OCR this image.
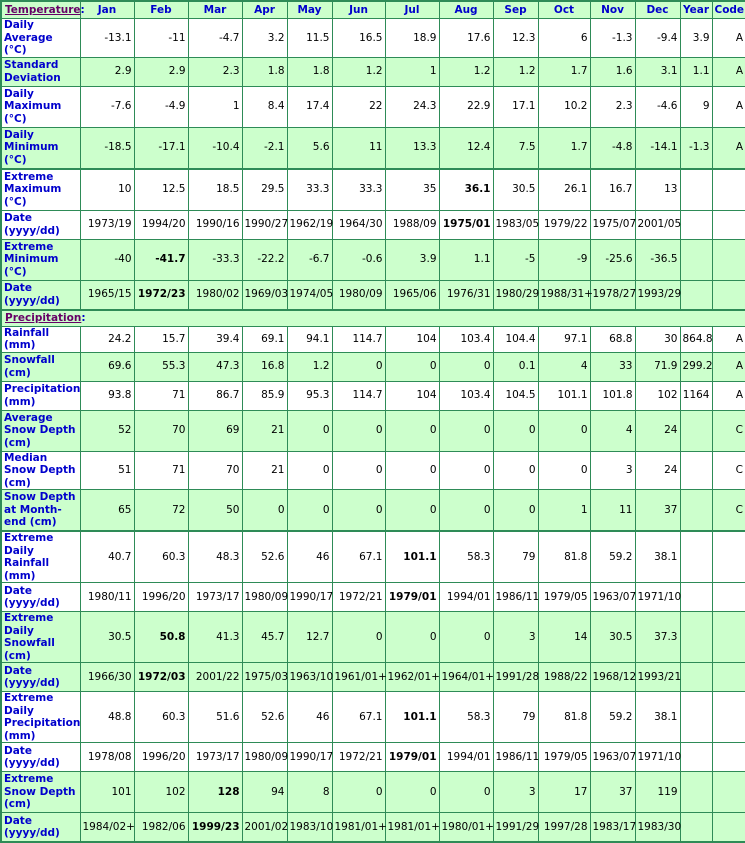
Temperature:	Jan	Feb	Mar	Apr	May	Jun	Jul	Aug	Sep	Oct	Nov	Dec	Year	Code
Daily Average (°C)	-13.1	-11	-4.7	3.2	11.5	16.5	18.9	17.6	12.3	6	-1.3	-9.4	3.9	A
Standard Deviation	2.9	2.9	2.3	1.8	1.8	1.2	1	1.2	1.2	1.7	1.6	3.1	1.1	A
Daily Maximum (°C)	-7.6	-4.9	1	8.4	17.4	22	24.3	22.9	17.1	10.2	2.3	-4.6	9	A
Daily Minimum (°C)	-18.5	-17.1	-10.4	-2.1	5.6	11	13.3	12.4	7.5	1.7	-4.8	-14.1	-1.3	A
Extreme Maximum (°C)	10	12.5	18.5	29.5	33.3	33.3	35	36.1	30.5	26.1	16.7	13		
Date (yyyy/dd)	1973/19	1994/20	1990/16	1990/27	1962/19	1964/30	1988/09	1975/01	1983/05	1979/22	1975/07	2001/05		
Extreme Minimum (°C)	-40	-41.7	-33.3	-22.2	-6.7	-0.6	3.9	1.1	-5	-9	-25.6	-36.5		
Date (yyyy/dd)	1965/15	1972/23	1980/02	1969/03	1974/05	1980/09	1965/06	1976/31	1980/29	1988/31+	1978/27	1993/29		
Precipitation:														
Rainfall (mm)	24.2	15.7	39.4	69.1	94.1	114.7	104	103.4	104.4	97.1	68.8	30	864.8	A
Snowfall (cm)	69.6	55.3	47.3	16.8	1.2	0	0	0	0.1	4	33	71.9	299.2	A
Precipitation (mm)	93.8	71	86.7	85.9	95.3	114.7	104	103.4	104.5	101.1	101.8	102	1164	A
Average Snow Depth (cm)	52	70	69	21	0	0	0	0	0	0	4	24		C
Median Snow Depth (cm)	51	71	70	21	0	0	0	0	0	0	3	24		C
Snow Depth at Month-end (cm)	65	72	50	0	0	0	0	0	0	1	11	37		C
Extreme Daily Rainfall (mm)	40.7	60.3	48.3	52.6	46	67.1	101.1	58.3	79	81.8	59.2	38.1		
Date (yyyy/dd)	1980/11	1996/20	1973/17	1980/09	1990/17	1972/21	1979/01	1994/01	1986/11	1979/05	1963/07	1971/10		
Extreme Daily Snowfall (cm)	30.5	50.8	41.3	45.7	12.7	0	0	0	3	14	30.5	37.3		
Date (yyyy/dd)	1966/30	1972/03	2001/22	1975/03	1963/10	1961/01+	1962/01+	1964/01+	1991/28	1988/22	1968/12	1993/21		
Extreme Daily Precipitation (mm)	48.8	60.3	51.6	52.6	46	67.1	101.1	58.3	79	81.8	59.2	38.1		
Date (yyyy/dd)	1978/08	1996/20	1973/17	1980/09	1990/17	1972/21	1979/01	1994/01	1986/11	1979/05	1963/07	1971/10		
Extreme Snow Depth (cm)	101	102	128	94	8	0	0	0	3	17	37	119		
Date (yyyy/dd)	1984/02+	1982/06	1999/23	2001/02	1983/10	1981/01+	1981/01+	1980/01+	1991/29	1997/28	1983/17	1983/30		
